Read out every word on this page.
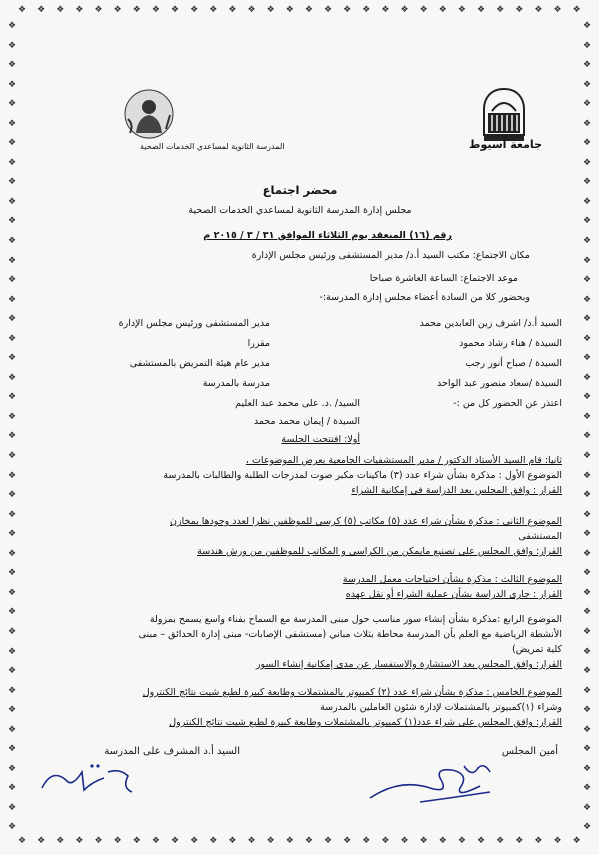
❖ ❖ ❖ ❖ ❖ ❖ ❖ ❖ ❖ ❖ ❖ ❖ ❖ ❖ ❖ ❖ ❖ ❖ ❖ ❖ ❖ ❖ ❖ ❖ ❖ ❖ ❖ ❖ ❖ ❖
❖ ❖ ❖ ❖ ❖ ❖ ❖ ❖ ❖ ❖ ❖ ❖ ❖ ❖ ❖ ❖ ❖ ❖ ❖ ❖ ❖ ❖ ❖ ❖ ❖ ❖ ❖ ❖ ❖ ❖
❖
❖
❖
❖
❖
❖
❖
❖
❖
❖
❖
❖
❖
❖
❖
❖
❖
❖
❖
❖
❖
❖
❖
❖
❖
❖
❖
❖
❖
❖
❖
❖
❖
❖
❖
❖
❖
❖
❖
❖
❖
❖
❖
❖
❖
❖
❖
❖
❖
❖
❖
❖
❖
❖
❖
❖
❖
❖
❖
❖
❖
❖
❖
❖
❖
❖
❖
❖
❖
❖
❖
❖
❖
❖
❖
❖
❖
❖
❖
❖
❖
❖
❖
❖
جامعة أسيوط
المدرسة الثانوية لمساعدي الخدمات الصحية
محضر اجتماع
مجلس إدارة المدرسة الثانوية لمساعدي الخدمات الصحية
رقم (١٦) المنعقد يوم الثلاثاء الموافق ٣١ / ٣ / ٢٠١٥ م
مكان الاجتماع: مكتب السيد أ.د/ مدير المستشفى ورئيس مجلس الإدارة
موعد الاجتماع: الساعة العاشرة صباحا
وبحضور كلا من السادة أعضاء مجلس إدارة المدرسة:-
السيد أ.د/ اشرف زين العابدين محمد
مدير المستشفى ورئيس مجلس الإدارة
السيدة / هناء رشاد محمود
مقررا
السيدة / صباح أنور رجب
مدير عام هيئة التمريض بالمستشفى
السيدة /سعاد منصور عبد الواحد
مدرسة بالمدرسة
اعتذر عن الحضور كل من :-
السيد/ .د. على محمد عبد العليم
السيدة / إيمان محمد محمد
أولا: افتتحت الجلسة
ثانيا: قام السيد الأستاذ الدكتور / مدير المستشفيات الجامعية بعرض الموضوعات ،
الموضوع الأول : مذكرة بشأن شراء عدد (٣) ماكينات مكبر صوت لمدرجات الطلبة والطالبات بالمدرسة
القرار : وافق المجلس بعد الدراسة في إمكانية الشراء
الموضوع الثاني : مذكرة بشأن شراء عدد (٥) مكاتب (٥) كرسي للموظفين نظرا لعدد وجودها بمخازن
المستشفى
القرار: وافق المجلس على تصنيع مايمكن من الكراسي و المكاتب للموظفين من ورش هندسة
الموضوع الثالث : مذكرة بشأن احتياجات معمل المدرسة
القرار : جارى الدراسة بشأن عملية الشراء أو نقل عهده
الموضوع الرابع :مذكرة بشأن إنشاء سور مناسب حول مبنى المدرسة مع السماح بفناء واسع يسمح بمزولة
الأنشطة الرياضية مع العلم بأن المدرسة محاطة بثلاث مباني (مستشفى الإصابات- مبنى إدارة الحدائق – مبنى
كلية تمريض)
القرار: وافق المجلس بعد الاستشارة والاستفسار عن مدى إمكانية إنشاء السور
الموضوع الخامس : مذكرة بشأن شراء عدد (٢) كمبيوتر بالمشتملات وطابعة كبيرة لطبع شيت نتائج الكنترول
وشراء (١)كمبيوتر بالمشتملات لإدارة شئون العاملين بالمدرسة
القرار: وافق المجلس على شراء عدد(١) كمبيوتر بالمشتملات وطابعة كبيرة لطبع شيت نتائج الكنترول
أمين المجلس
السيد أ.د المشرف على المدرسة
